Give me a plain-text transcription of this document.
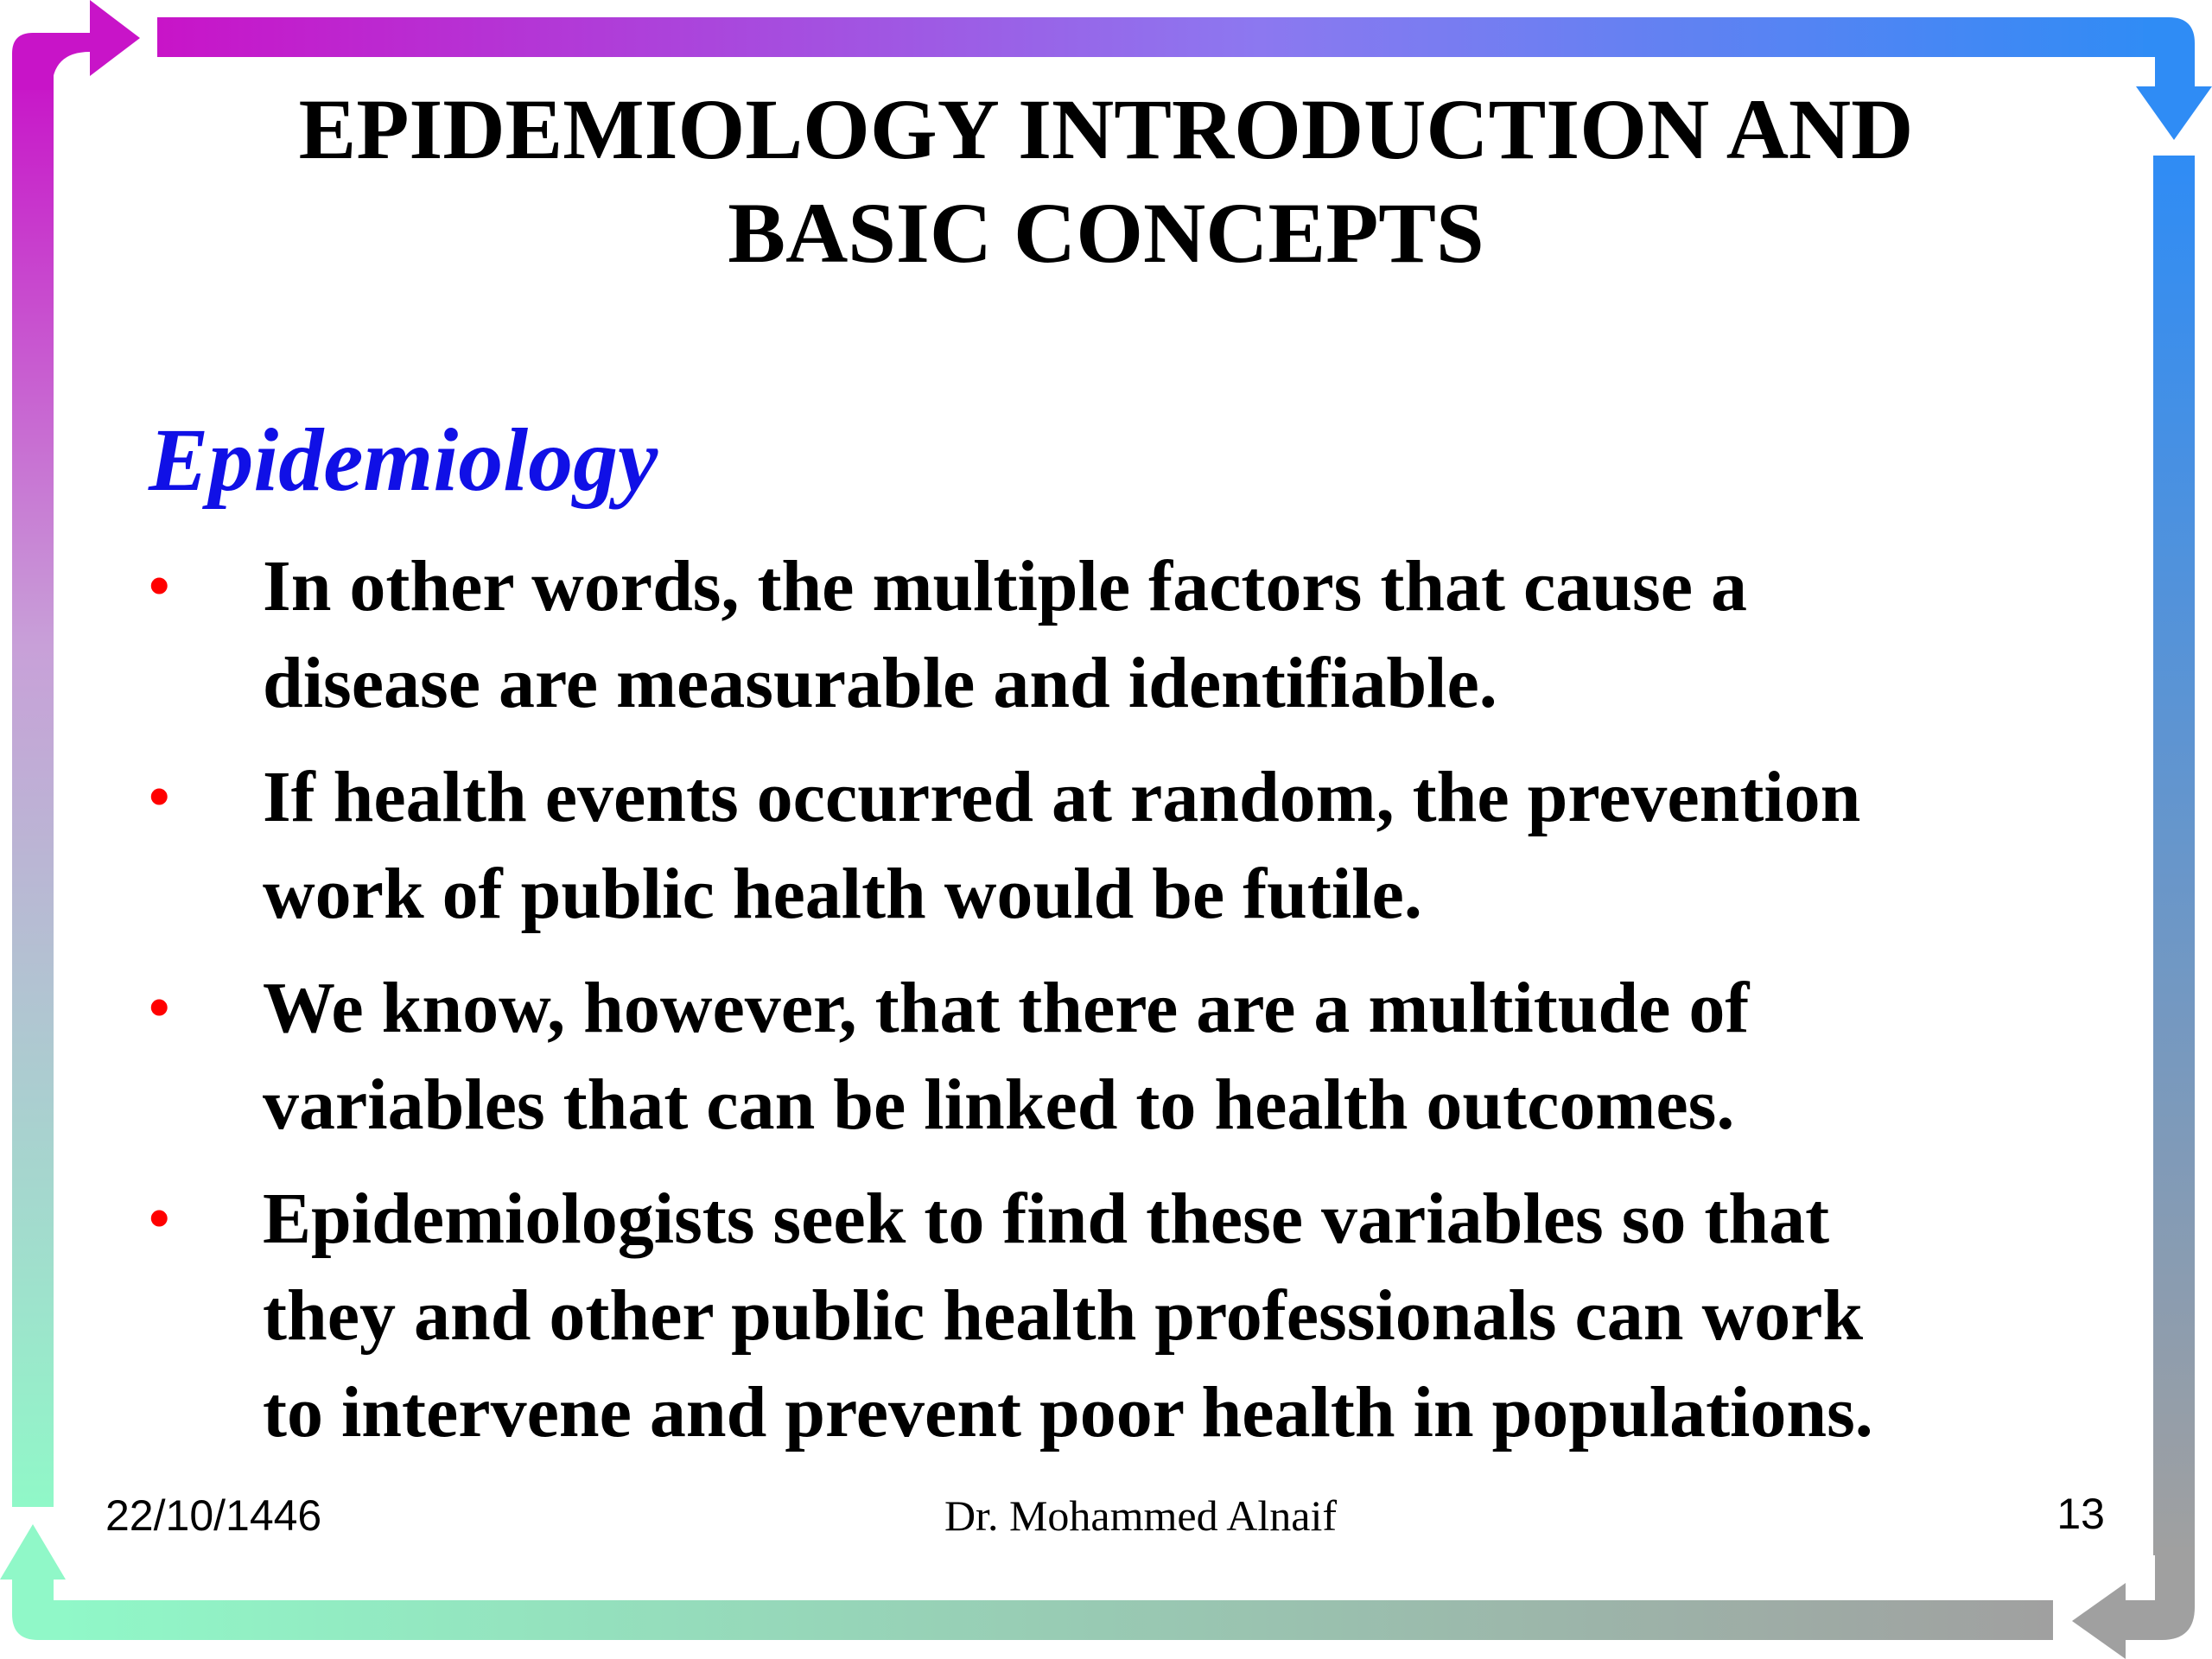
EPIDEMIOLOGY INTRODUCTION AND
BASIC CONCEPTS
Epidemiology
•	In other words, the multiple factors that cause a
disease are measurable and identifiable.
•	If health events occurred at random, the prevention
work of public health would be futile.
•	We know, however, that there are a multitude of
variables that can be linked to health outcomes.
•	Epidemiologists seek to find these variables so that
they and other public health professionals can work
to intervene and prevent poor health in populations.
22/10/1446	Dr. Mohammed Alnaif	13
